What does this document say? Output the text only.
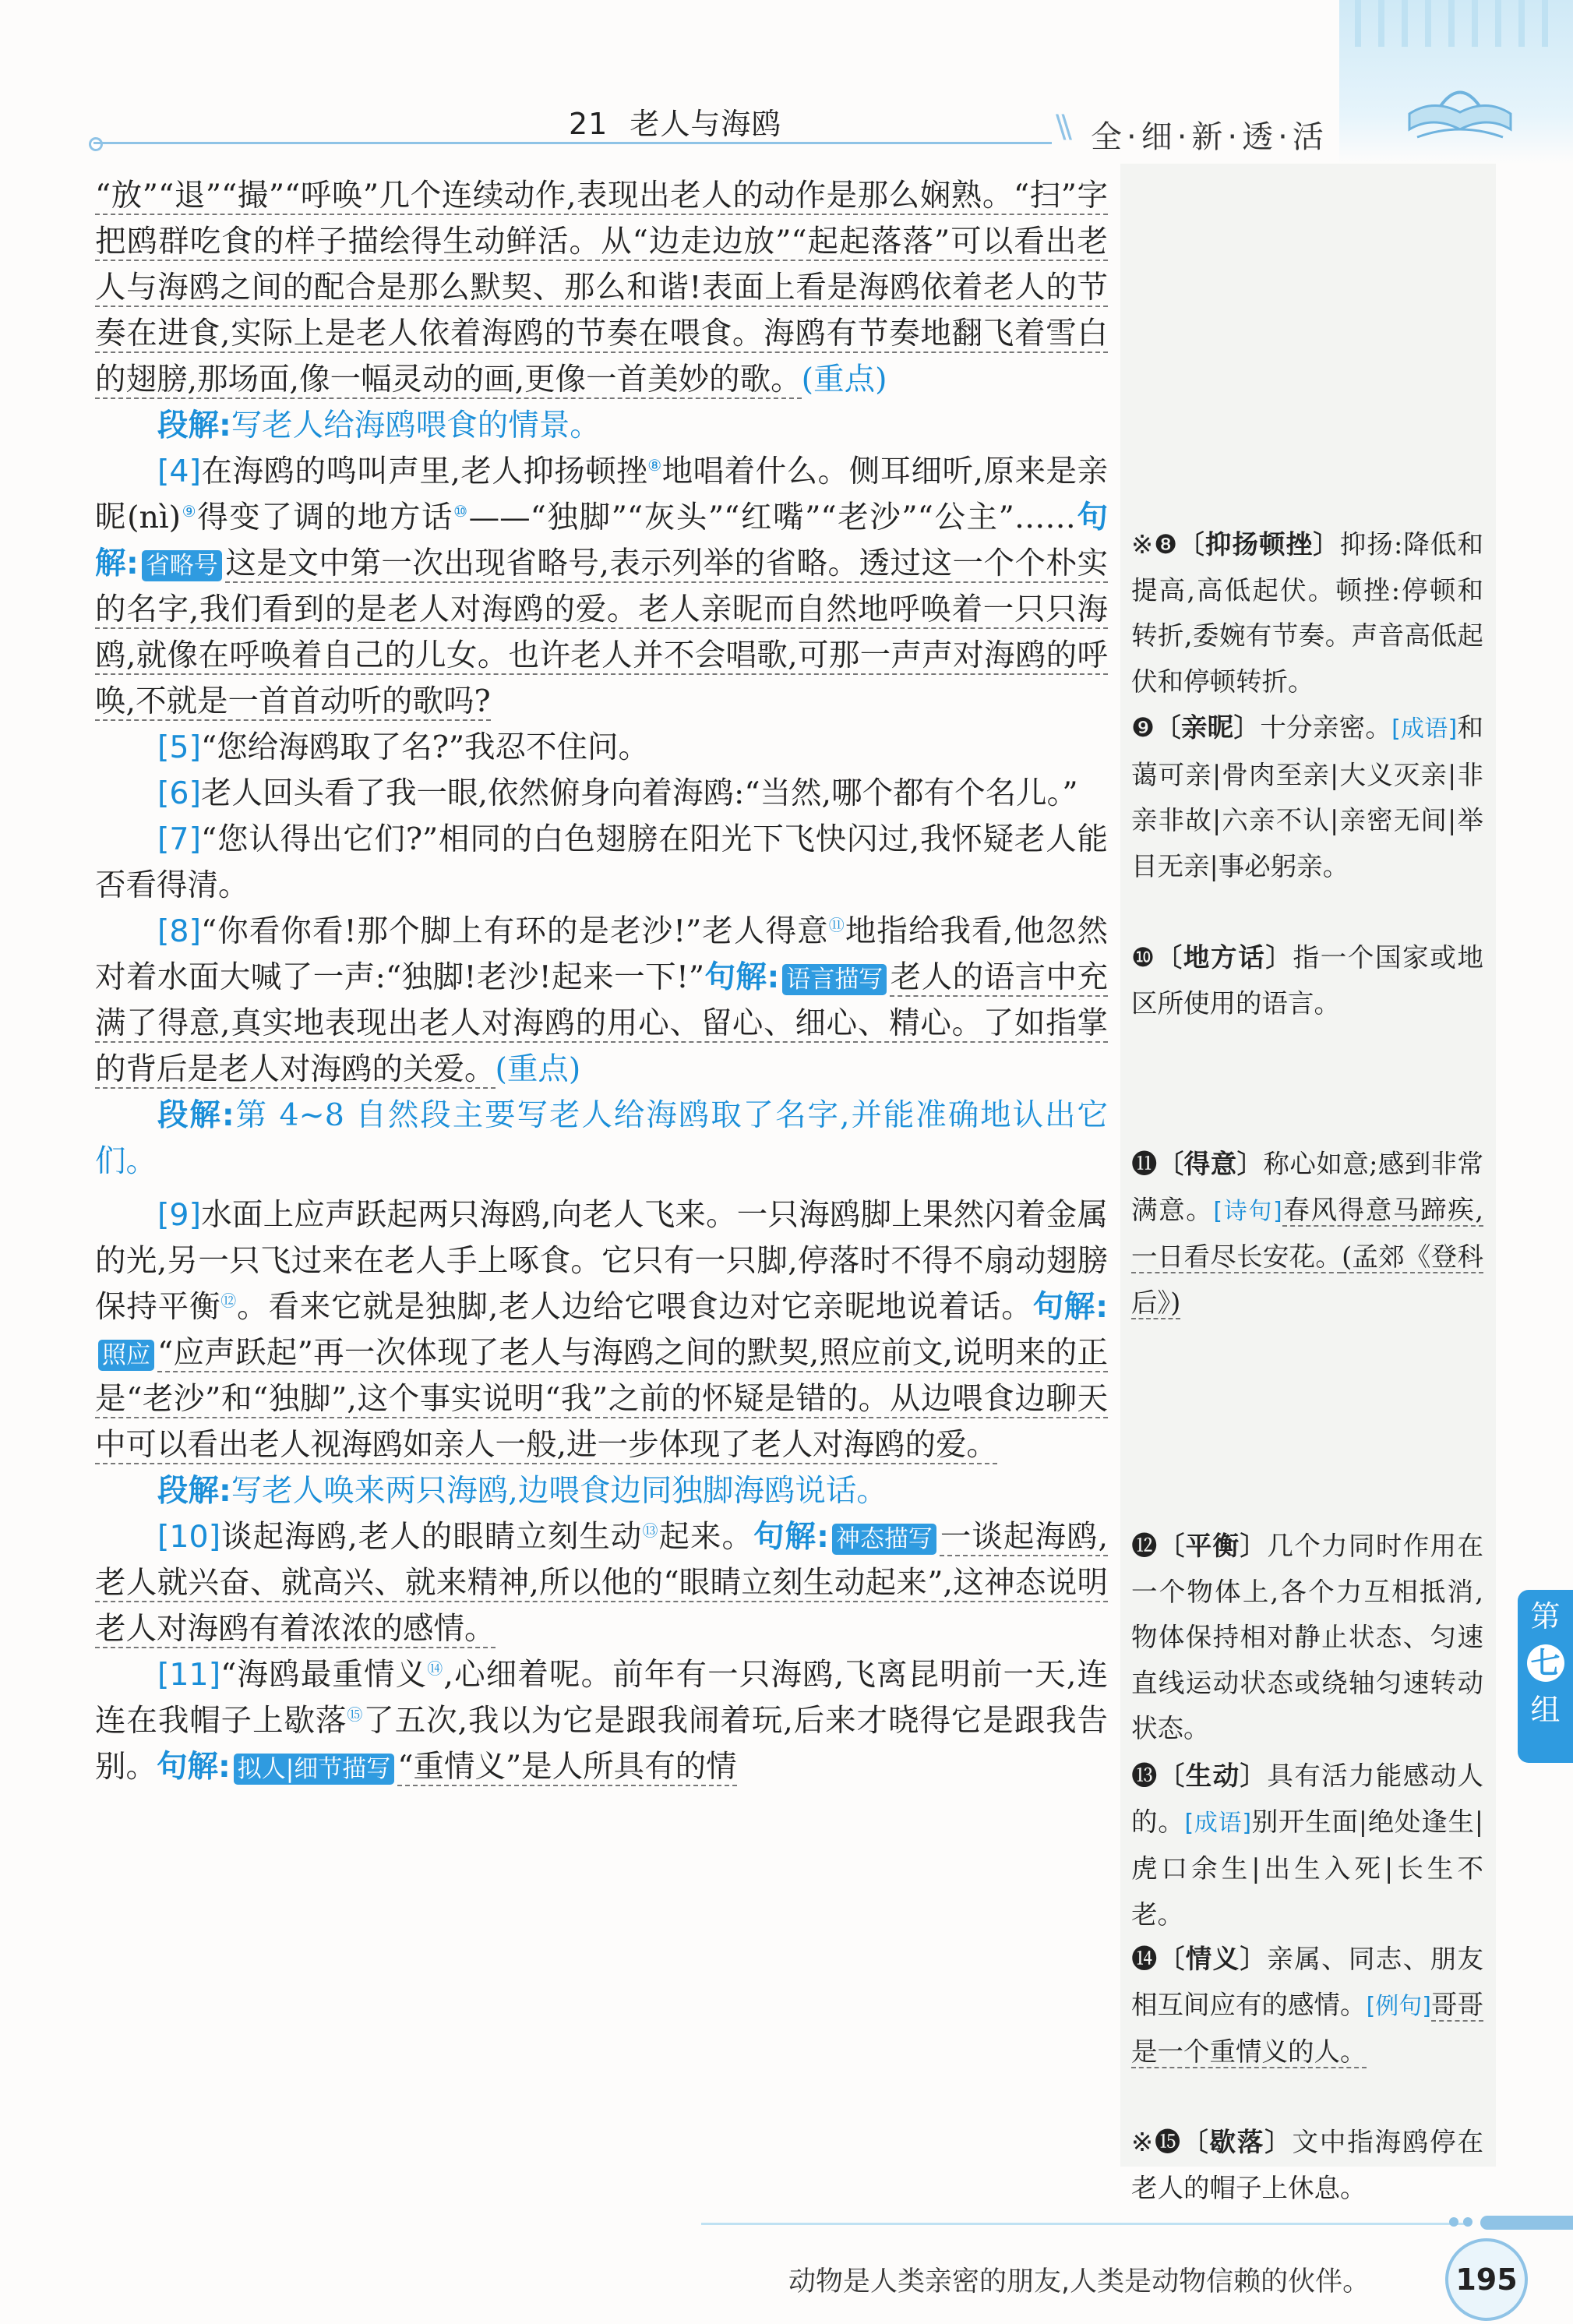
21 老人与海鸥	\\ 全·细·新·透·活

“放”“退”“撮”“呼唤”几个连续动作,表现出老人的动作是那么娴熟。“扫”字把鸥群吃食的样子描绘得生动鲜活。从“边走边放”“起起落落”可以看出老人与海鸥之间的配合是那么默契、那么和谐!表面上看是海鸥依着老人的节奏在进食,实际上是老人依着海鸥的节奏在喂食。海鸥有节奏地翻飞着雪白的翅膀,那场面,像一幅灵动的画,更像一首美妙的歌。(重点)

段解:写老人给海鸥喂食的情景。

[4]在海鸥的鸣叫声里,老人抑扬顿挫⑧地唱着什么。侧耳细听,原来是亲昵(nì)⑨得变了调的地方话⑩——“独脚”“灰头”“红嘴”“老沙”“公主”……句解: 省略号 这是文中第一次出现省略号,表示列举的省略。透过这一个个朴实的名字,我们看到的是老人对海鸥的爱。老人亲昵而自然地呼唤着一只只海鸥,就像在呼唤着自己的儿女。也许老人并不会唱歌,可那一声声对海鸥的呼唤,不就是一首首动听的歌吗?

[5]“您给海鸥取了名?”我忍不住问。

[6]老人回头看了我一眼,依然俯身向着海鸥:“当然,哪个都有个名儿。”

[7]“您认得出它们?”相同的白色翅膀在阳光下飞快闪过,我怀疑老人能否看得清。

[8]“你看你看!那个脚上有环的是老沙!”老人得意⑪地指给我看,他忽然对着水面大喊了一声:“独脚!老沙!起来一下!”句解: 语言描写 老人的语言中充满了得意,真实地表现出老人对海鸥的用心、留心、细心、精心。了如指掌的背后是老人对海鸥的关爱。(重点)

段解:第 4~8 自然段主要写老人给海鸥取了名字,并能准确地认出它们。

[9]水面上应声跃起两只海鸥,向老人飞来。一只海鸥脚上果然闪着金属的光,另一只飞过来在老人手上啄食。它只有一只脚,停落时不得不扇动翅膀保持平衡⑫。看来它就是独脚,老人边给它喂食边对它亲昵地说着话。句解:照应 “应声跃起”再一次体现了老人与海鸥之间的默契,照应前文,说明来的正是“老沙”和“独脚”,这个事实说明“我”之前的怀疑是错的。从边喂食边聊天中可以看出老人视海鸥如亲人一般,进一步体现了老人对海鸥的爱。

段解:写老人唤来两只海鸥,边喂食边同独脚海鸥说话。

[10]谈起海鸥,老人的眼睛立刻生动⑬起来。句解: 神态描写 一谈起海鸥,老人就兴奋、就高兴、就来精神,所以他的“眼睛立刻生动起来”,这神态说明老人对海鸥有着浓浓的感情。

[11]“海鸥最重情义⑭,心细着呢。前年有一只海鸥,飞离昆明前一天,连连在我帽子上歇落⑮了五次,我以为它是跟我闹着玩,后来才晓得它是跟我告别。句解: 拟人|细节描写 “重情义”是人所具有的情

※❽〔抑扬顿挫〕抑扬:降低和提高,高低起伏。顿挫:停顿和转折,委婉有节奏。声音高低起伏和停顿转折。
❾〔亲昵〕十分亲密。[成语]和蔼可亲|骨肉至亲|大义灭亲|非亲非故|六亲不认|亲密无间|举目无亲|事必躬亲。
❿〔地方话〕指一个国家或地区所使用的语言。
⓫〔得意〕称心如意;感到非常满意。[诗句]春风得意马蹄疾,一日看尽长安花。(孟郊《登科后》)
⓬〔平衡〕几个力同时作用在一个物体上,各个力互相抵消,物体保持相对静止状态、匀速直线运动状态或绕轴匀速转动状态。
⓭〔生动〕具有活力能感动人的。[成语]别开生面|绝处逢生|虎口余生|出生入死|长生不老。
⓮〔情义〕亲属、同志、朋友相互间应有的感情。[例句]哥哥是一个重情义的人。
※⓯〔歇落〕文中指海鸥停在老人的帽子上休息。
第
七
组
动物是人类亲密的朋友,人类是动物信赖的伙伴。	195
